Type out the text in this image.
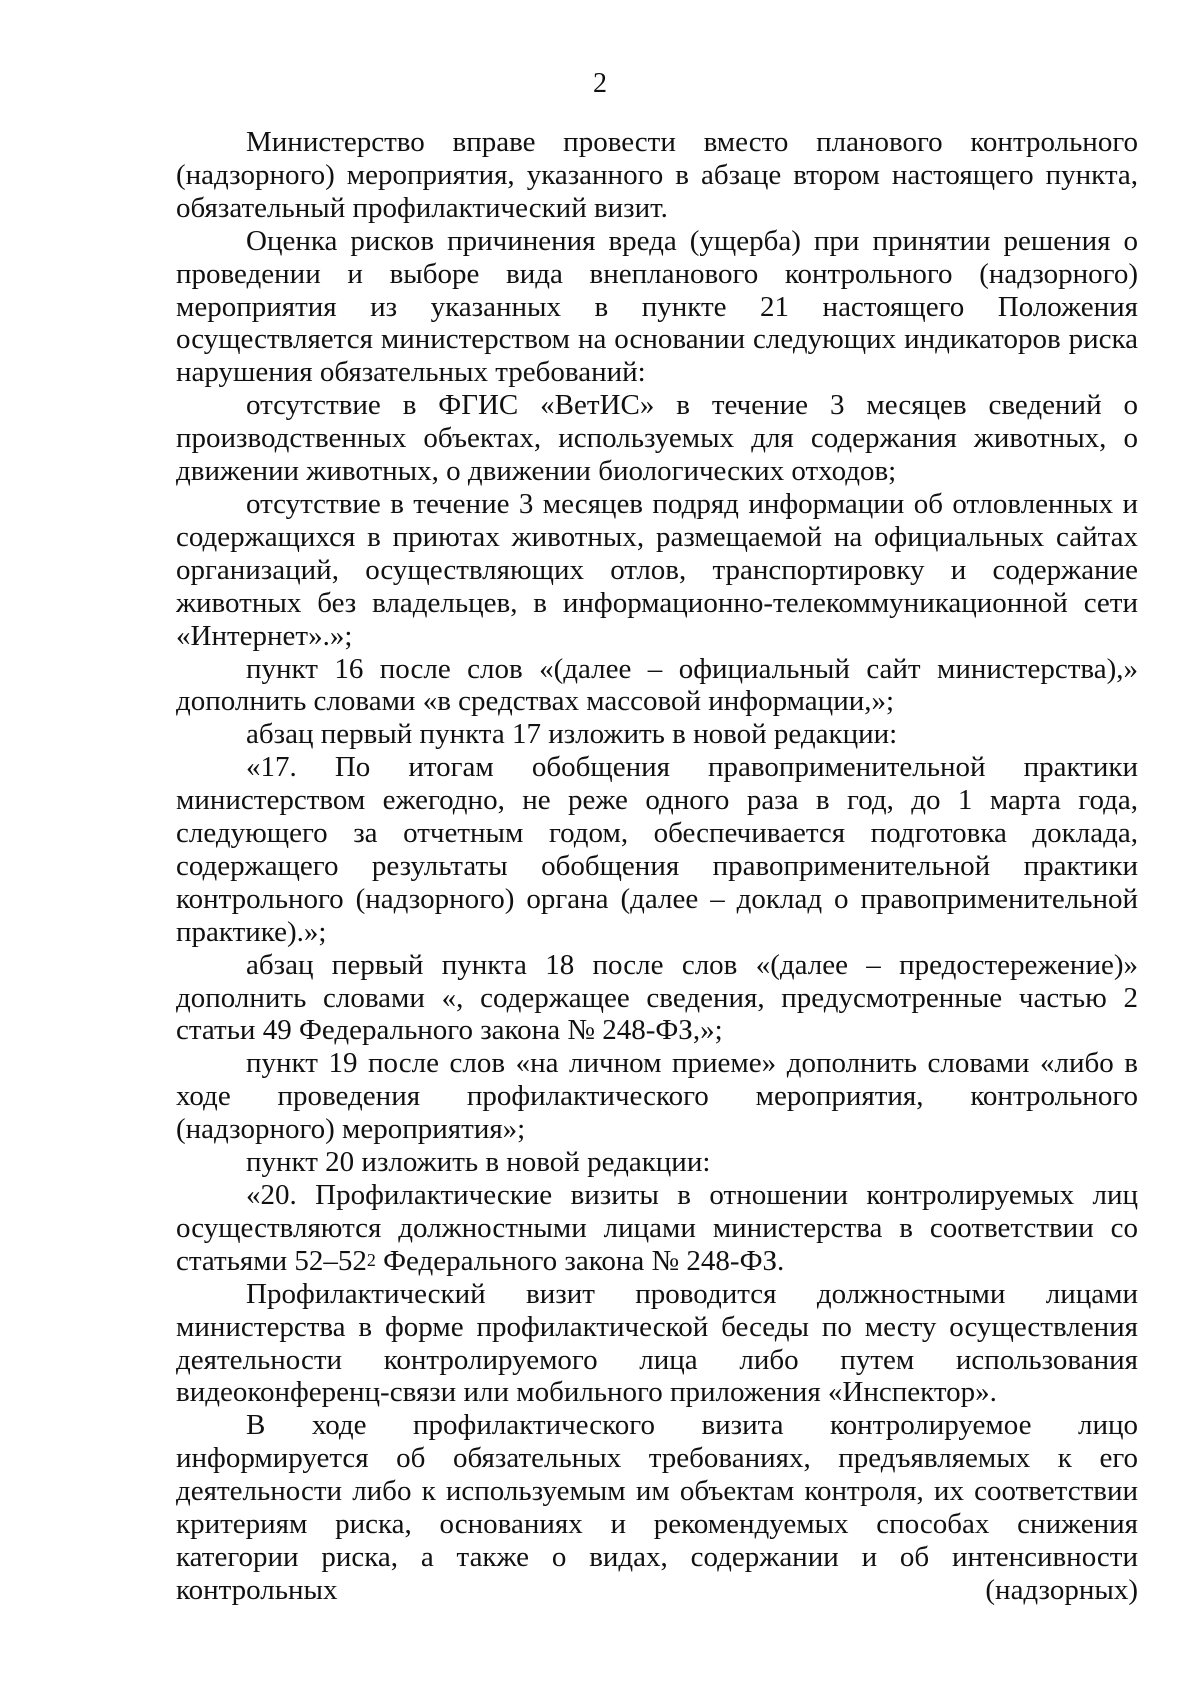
2

Министерство вправе провести вместо планового контрольного (надзорного) мероприятия, указанного в абзаце втором настоящего пункта, обязательный профилактический визит.

Оценка рисков причинения вреда (ущерба) при принятии решения о проведении и выборе вида внепланового контрольного (надзорного) мероприятия из указанных в пункте 21 настоящего Положения осуществляется министерством на основании следующих индикаторов риска нарушения обязательных требований:

отсутствие в ФГИС «ВетИС» в течение 3 месяцев сведений о производственных объектах, используемых для содержания животных, о движении животных, о движении биологических отходов;

отсутствие в течение 3 месяцев подряд информации об отловленных и содержащихся в приютах животных, размещаемой на официальных сайтах организаций, осуществляющих отлов, транспортировку и содержание животных без владельцев, в информационно-телекоммуникационной сети «Интернет».»;

пункт 16 после слов «(далее – официальный сайт министерства),» дополнить словами «в средствах массовой информации,»;

абзац первый пункта 17 изложить в новой редакции:

«17. По итогам обобщения правоприменительной практики министерством ежегодно, не реже одного раза в год, до 1 марта года, следующего за отчетным годом, обеспечивается подготовка доклада, содержащего результаты обобщения правоприменительной практики контрольного (надзорного) органа (далее – доклад о правоприменительной практике).»;

абзац первый пункта 18 после слов «(далее – предостережение)» дополнить словами «, содержащее сведения, предусмотренные частью 2 статьи 49 Федерального закона № 248-ФЗ,»;

пункт 19 после слов «на личном приеме» дополнить словами «либо в ходе проведения профилактического мероприятия, контрольного (надзорного) мероприятия»;

пункт 20 изложить в новой редакции:

«20. Профилактические визиты в отношении контролируемых лиц осуществляются должностными лицами министерства в соответствии со статьями $52-52^2$ Федерального закона № 248-ФЗ.

Профилактический визит проводится должностными лицами министерства в форме профилактической беседы по месту осуществления деятельности контролируемого лица либо путем использования видеоконференц-связи или мобильного приложения «Инспектор».

В ходе профилактического визита контролируемое лицо информируется об обязательных требованиях, предъявляемых к его деятельности либо к используемым им объектам контроля, их соответствии критериям риска, основаниях и рекомендуемых способах снижения категории риска, а также о видах, содержании и об интенсивности контрольных (надзорных)
